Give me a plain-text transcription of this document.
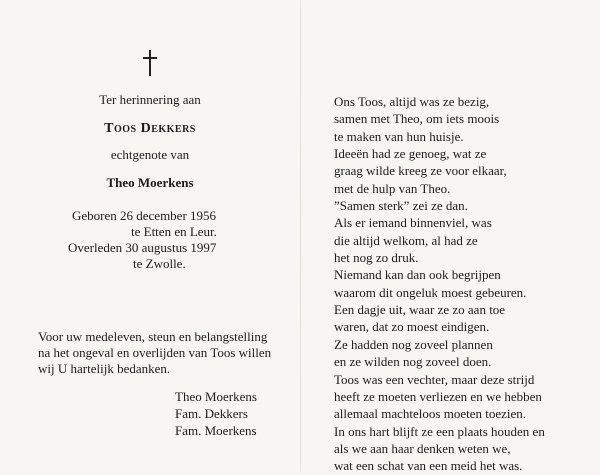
Ter herinnering aan
Toos Dekkers
echtgenote van
Theo Moerkens
Geboren 26 december 1956
te Etten en Leur.
Overleden 30 augustus 1997
te Zwolle.
Voor uw medeleven, steun en belangstelling
na het ongeval en overlijden van Toos willen
wij U hartelijk bedanken.
Theo Moerkens
Fam. Dekkers
Fam. Moerkens
Ons Toos, altijd was ze bezig,
samen met Theo, om iets moois
te maken van hun huisje.
Ideeën had ze genoeg, wat ze
graag wilde kreeg ze voor elkaar,
met de hulp van Theo.
”Samen sterk” zei ze dan.
Als er iemand binnenviel, was
die altijd welkom, al had ze
het nog zo druk.
Niemand kan dan ook begrijpen
waarom dit ongeluk moest gebeuren.
Een dagje uit, waar ze zo aan toe
waren, dat zo moest eindigen.
Ze hadden nog zoveel plannen
en ze wilden nog zoveel doen.
Toos was een vechter, maar deze strijd
heeft ze moeten verliezen en we hebben
allemaal machteloos moeten toezien.
In ons hart blijft ze een plaats houden en
als we aan haar denken weten we,
wat een schat van een meid het was.
